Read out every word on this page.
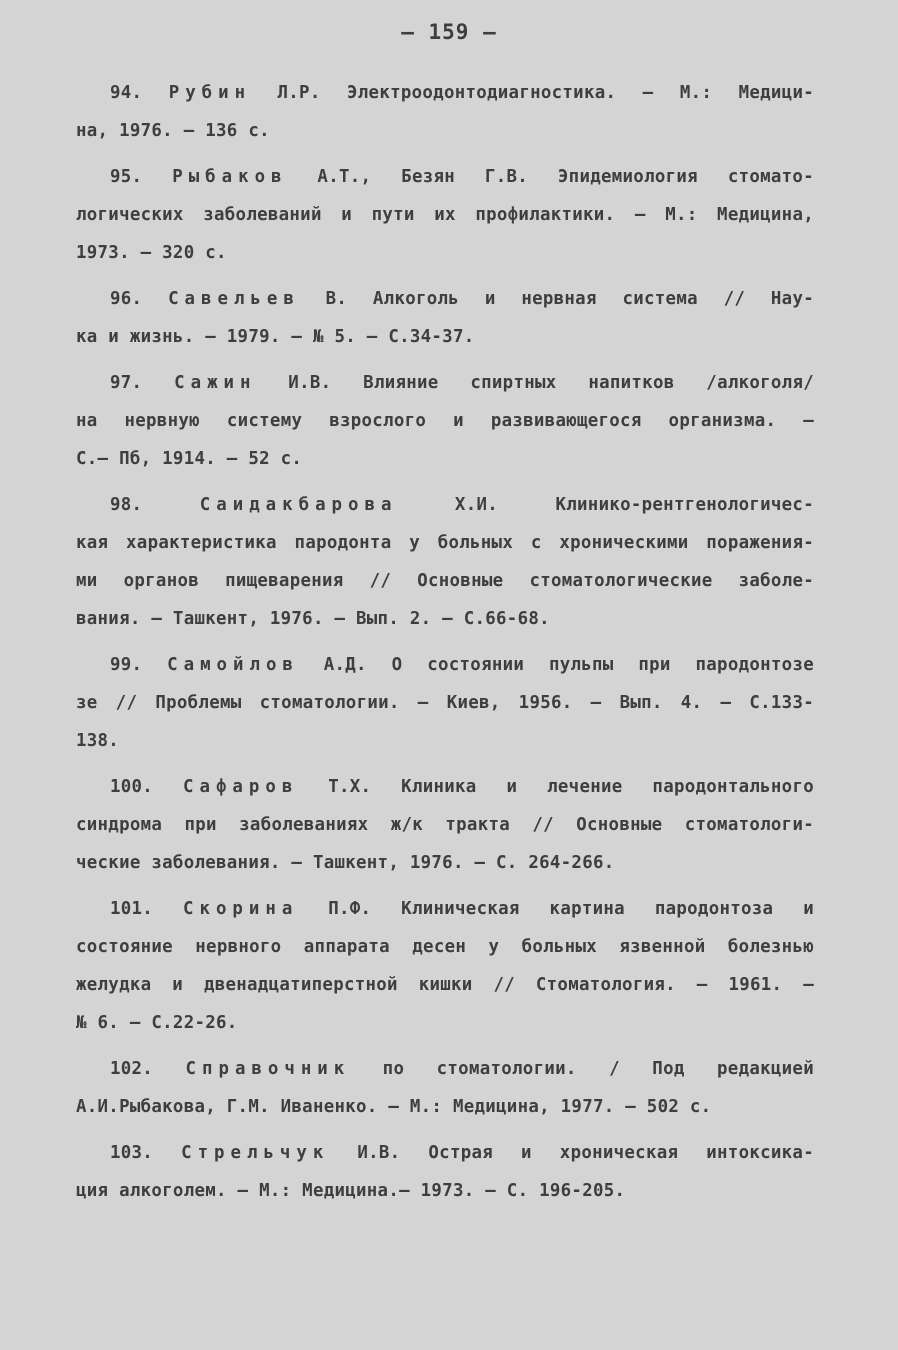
– 159 –
94. Рубин Л.Р. Электроодонтодиагностика. – М.: Медици-
на, 1976. – 136 с.
95. Рыбаков А.Т., Безян Г.В. Эпидемиология стомато-
логических заболеваний и пути их профилактики. – М.: Медицина,
1973. – 320 с.
96. Савельев В. Алкоголь и нервная система // Нау-
ка и жизнь. – 1979. – № 5. – С.34-37.
97. Сажин И.В. Влияние спиртных напитков /алкоголя/
на нервную систему взрослого и развивающегося организма. –
С.– Пб, 1914. – 52 с.
98.	Саидакбарова	Х.И. Клинико-рентгенологичес-
кая характеристика пародонта у больных с хроническими поражения-
ми органов пищеварения // Основные стоматологические заболе-
вания. – Ташкент, 1976. – Вып. 2. – С.66-68.
99. Самойлов А.Д. О состоянии пульпы при пародонтозе
зе // Проблемы стоматологии. – Киев, 1956. – Вып. 4. – С.133-
138.
100. Сафаров Т.Х. Клиника и лечение пародонтального
синдрома при заболеваниях ж/к тракта // Основные стоматологи-
ческие заболевания. – Ташкент, 1976. – С. 264-266.
101. Скорина П.Ф. Клиническая картина пародонтоза и
состояние нервного аппарата десен у больных язвенной болезнью
желудка и двенадцатиперстной кишки // Стоматология. – 1961. –
№ 6. – С.22-26.
102. Справочник по стоматологии. / Под редакцией
А.И.Рыбакова, Г.М. Иваненко. – М.: Медицина, 1977. – 502 с.
103. Стрельчук И.В. Острая и хроническая интоксика-
ция алкоголем. – М.: Медицина.– 1973. – С. 196-205.
